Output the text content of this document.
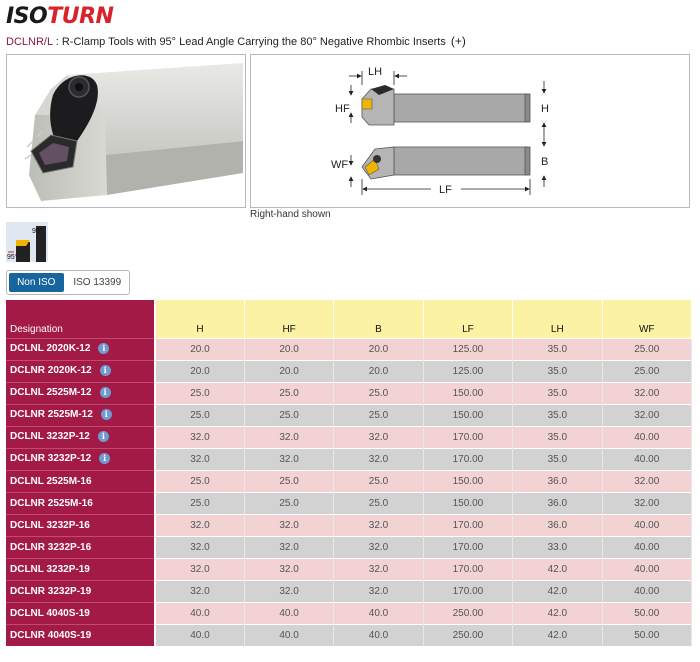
ISO TURN
DCLNR/L : R-Clamp Tools with 95° Lead Angle Carrying the 80° Negative Rhombic Inserts (+)
LH
HF	H
WF	B
LF
Right-hand shown
95°
95°
Non ISO	ISO 13399
Designation	H	HF	B	LF	LH	WF
DCLNL 2020K-12 i	20.0	20.0	20.0	125.00	35.0	25.00
DCLNR 2020K-12 i	20.0	20.0	20.0	125.00	35.0	25.00
DCLNL 2525M-12 i	25.0	25.0	25.0	150.00	35.0	32.00
DCLNR 2525M-12 i	25.0	25.0	25.0	150.00	35.0	32.00
DCLNL 3232P-12 i	32.0	32.0	32.0	170.00	35.0	40.00
DCLNR 3232P-12 i	32.0	32.0	32.0	170.00	35.0	40.00
DCLNL 2525M-16	25.0	25.0	25.0	150.00	36.0	32.00
DCLNR 2525M-16	25.0	25.0	25.0	150.00	36.0	32.00
DCLNL 3232P-16	32.0	32.0	32.0	170.00	36.0	40.00
DCLNR 3232P-16	32.0	32.0	32.0	170.00	33.0	40.00
DCLNL 3232P-19	32.0	32.0	32.0	170.00	42.0	40.00
DCLNR 3232P-19	32.0	32.0	32.0	170.00	42.0	40.00
DCLNL 4040S-19	40.0	40.0	40.0	250.00	42.0	50.00
DCLNR 4040S-19	40.0	40.0	40.0	250.00	42.0	50.00
